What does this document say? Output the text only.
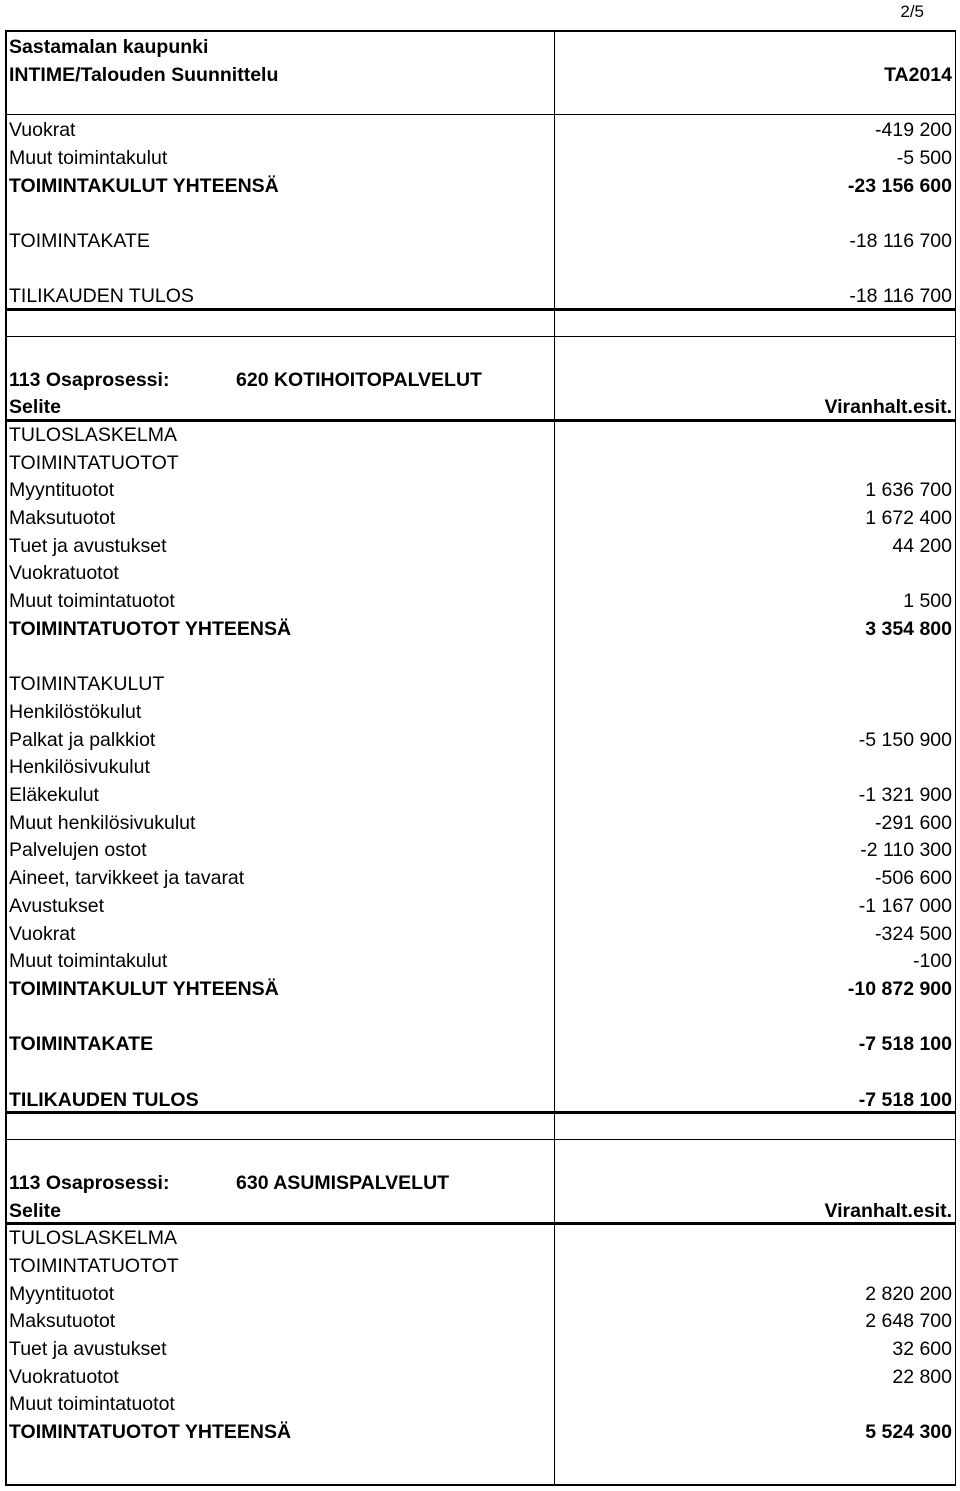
2/5
Sastamalan kaupunki
INTIME/Talouden Suunnittelu	TA2014
Vuokrat	-419 200
Muut toimintakulut	-5 500
TOIMINTAKULUT YHTEENSÄ	-23 156 600
TOIMINTAKATE	-18 116 700
TILIKAUDEN TULOS	-18 116 700
113 Osaprosessi:	620 KOTIHOITOPALVELUT
Selite	Viranhalt.esit.
TULOSLASKELMA
TOIMINTATUOTOT
Myyntituotot	1 636 700
Maksutuotot	1 672 400
Tuet ja avustukset	44 200
Vuokratuotot
Muut toimintatuotot	1 500
TOIMINTATUOTOT YHTEENSÄ	3 354 800
TOIMINTAKULUT
Henkilöstökulut
Palkat ja palkkiot	-5 150 900
Henkilösivukulut
Eläkekulut	-1 321 900
Muut henkilösivukulut	-291 600
Palvelujen ostot	-2 110 300
Aineet, tarvikkeet ja tavarat	-506 600
Avustukset	-1 167 000
Vuokrat	-324 500
Muut toimintakulut	-100
TOIMINTAKULUT YHTEENSÄ	-10 872 900
TOIMINTAKATE	-7 518 100
TILIKAUDEN TULOS	-7 518 100
113 Osaprosessi:	630 ASUMISPALVELUT
Selite	Viranhalt.esit.
TULOSLASKELMA
TOIMINTATUOTOT
Myyntituotot	2 820 200
Maksutuotot	2 648 700
Tuet ja avustukset	32 600
Vuokratuotot	22 800
Muut toimintatuotot
TOIMINTATUOTOT YHTEENSÄ	5 524 300
